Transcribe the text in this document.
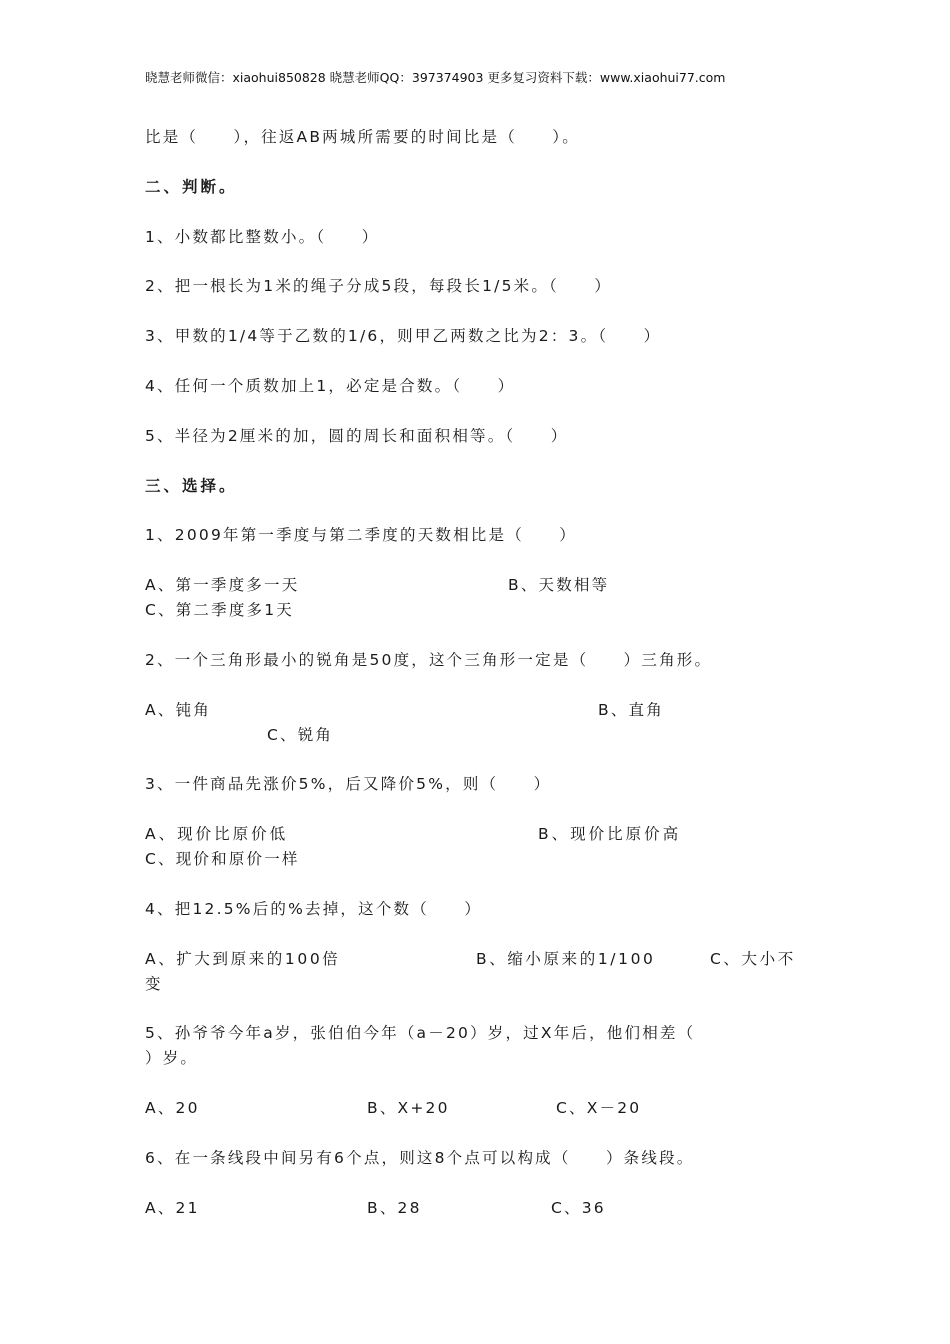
晓慧老师微信：xiaohui850828 晓慧老师QQ：397374903 更多复习资料下载：www.xiaohui77.com
比是（　　），往返AB两城所需要的时间比是（　　）。
二、判断。
1、小数都比整数小。（　　）
2、把一根长为1米的绳子分成5段，每段长1/5米。（　　）
3、甲数的1/4等于乙数的1/6，则甲乙两数之比为2：3。（　　）
4、任何一个质数加上1，必定是合数。（　　）
5、半径为2厘米的加，圆的周长和面积相等。（　　）
三、选择。
1、2009年第一季度与第二季度的天数相比是（　　）
A、第一季度多一天	B、天数相等
C、第二季度多1天
2、一个三角形最小的锐角是50度，这个三角形一定是（　　）三角形。
A、钝角	B、直角
C、锐角
3、一件商品先涨价5%，后又降价5%，则（　　）
A、现价比原价低	B、现价比原价高
C、现价和原价一样
4、把12.5%后的%去掉，这个数（　　）
A、扩大到原来的100倍	B、缩小原来的1/100	C、大小不
变
5、孙爷爷今年a岁，张伯伯今年（a－20）岁，过X年后，他们相差（
）岁。
A、20	B、X+20	C、X－20
6、在一条线段中间另有6个点，则这8个点可以构成（　　）条线段。
A、21	B、28	C、36
